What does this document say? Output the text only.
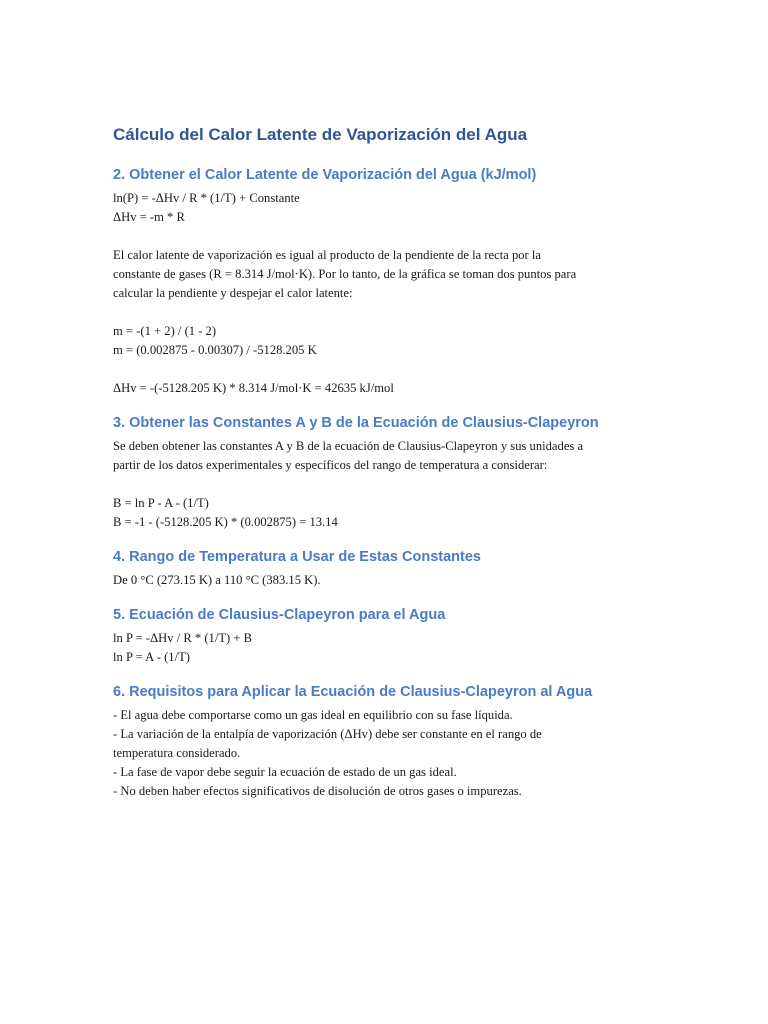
Cálculo del Calor Latente de Vaporización del Agua
2. Obtener el Calor Latente de Vaporización del Agua (kJ/mol)

ln(P) = -ΔHv / R * (1/T) + Constante

ΔHv = -m * R

El calor latente de vaporización es igual al producto de la pendiente de la recta por la

constante de gases (R = 8.314 J/mol·K). Por lo tanto, de la gráfica se toman dos puntos para

calcular la pendiente y despejar el calor latente:

m = -(1 + 2) / (1 - 2)

m = (0.002875 - 0.00307) / -5128.205 K

ΔHv = -(-5128.205 K) * 8.314 J/mol·K = 42635 kJ/mol

3. Obtener las Constantes A y B de la Ecuación de Clausius-Clapeyron

Se deben obtener las constantes A y B de la ecuación de Clausius-Clapeyron y sus unidades a

partir de los datos experimentales y específicos del rango de temperatura a considerar:

B = ln P - A - (1/T)

B = -1 - (-5128.205 K) * (0.002875) = 13.14

4. Rango de Temperatura a Usar de Estas Constantes

De 0 °C (273.15 K) a 110 °C (383.15 K).

5. Ecuación de Clausius-Clapeyron para el Agua

ln P = -ΔHv / R * (1/T) + B

ln P = A - (1/T)

6. Requisitos para Aplicar la Ecuación de Clausius-Clapeyron al Agua

- El agua debe comportarse como un gas ideal en equilibrio con su fase líquida.

- La variación de la entalpía de vaporización (ΔHv) debe ser constante en el rango de

temperatura considerado.

- La fase de vapor debe seguir la ecuación de estado de un gas ideal.

- No deben haber efectos significativos de disolución de otros gases o impurezas.
